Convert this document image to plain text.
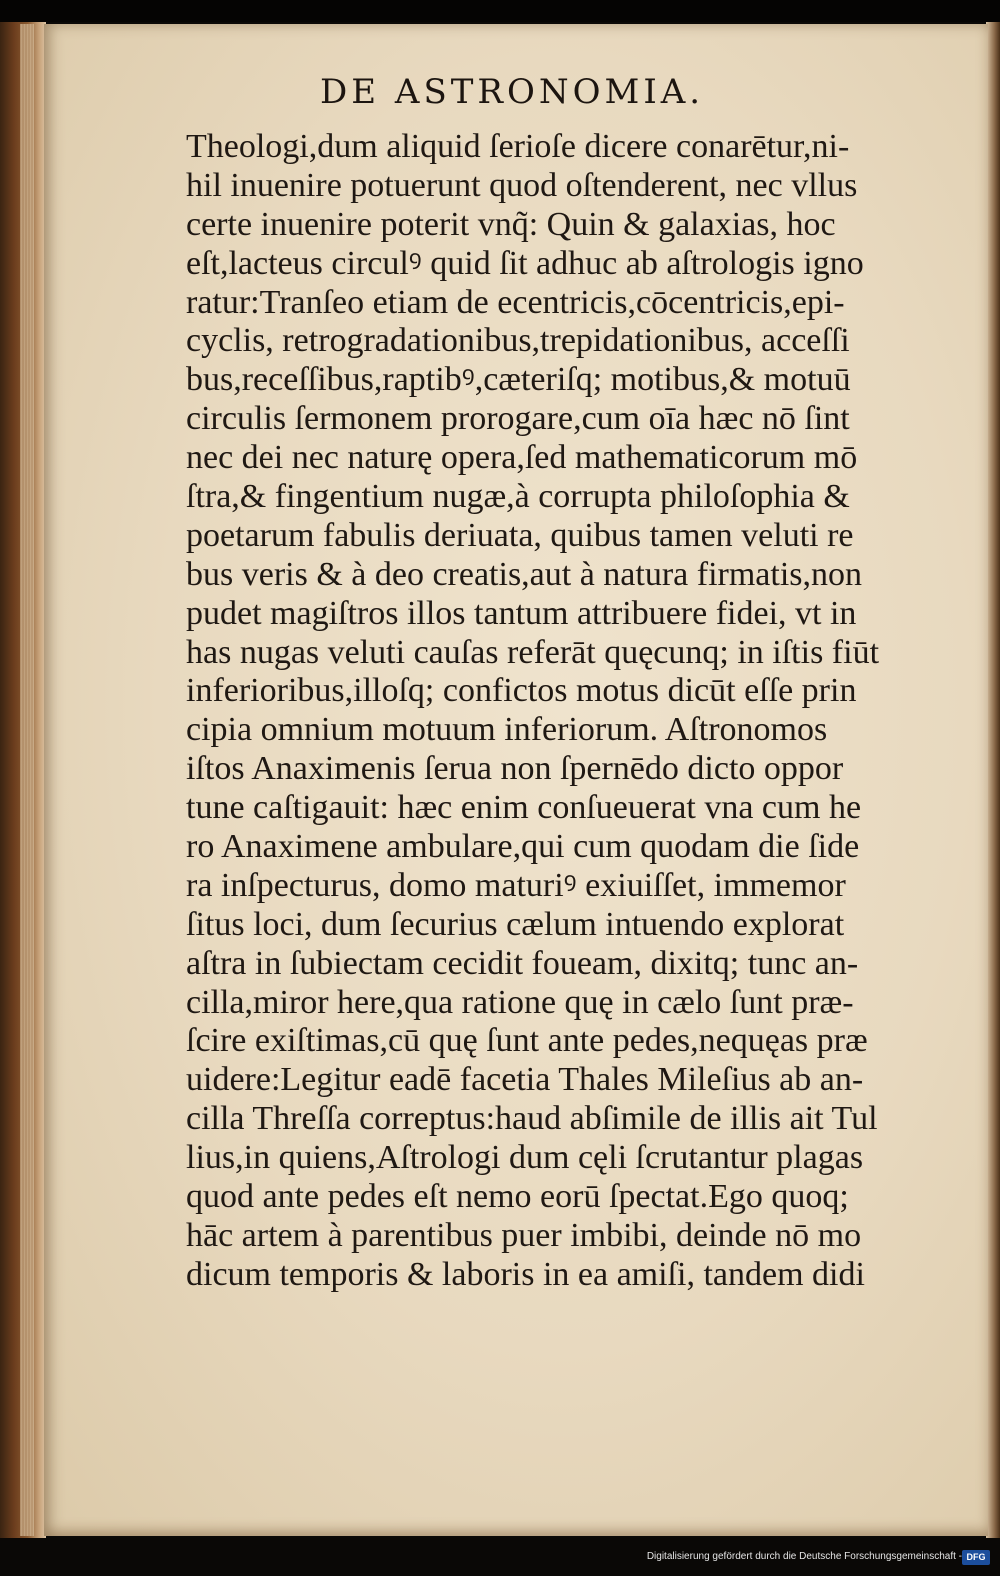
DE ASTRONOMIA.
Theologi,dum aliquid ſerioſe dicere conarētur,ni-
hil inuenire potuerunt quod oſtenderent, nec vllus
certe inuenire poterit vnq̃: Quin & galaxias, hoc
eſt,lacteus circulꝰ quid ſit adhuc ab aſtrologis igno
ratur:Tranſeo etiam de ecentricis,cōcentricis,epi-
cyclis, retrogradationibus,trepidationibus, acceſſi
bus,receſſibus,raptibꝰ,cæteriſq; motibus,& motuū
circulis ſermonem prorogare,cum oīa hæc nō ſint
nec dei nec naturę opera,ſed mathematicorum mō
ſtra,& fingentium nugæ,à corrupta philoſophia &
poetarum fabulis deriuata, quibus tamen veluti re
bus veris & à deo creatis,aut à natura firmatis,non
pudet magiſtros illos tantum attribuere fidei, vt in
has nugas veluti cauſas referāt quęcunq; in iſtis fiūt
inferioribus,illoſq; confictos motus dicūt eſſe prin
cipia omnium motuum inferiorum. Aſtronomos
iſtos Anaximenis ſerua non ſpernēdo dicto oppor
tune caſtigauit: hæc enim conſueuerat vna cum he
ro Anaximene ambulare,qui cum quodam die ſide
ra inſpecturus, domo maturiꝰ exiuiſſet, immemor
ſitus loci, dum ſecurius cælum intuendo explorat
aſtra in ſubiectam cecidit foueam, dixitq; tunc an-
cilla,miror here,qua ratione quę in cælo ſunt præ-
ſcire exiſtimas,cū quę ſunt ante pedes,nequęas præ
uidere:Legitur eadē facetia Thales Mileſius ab an-
cilla Threſſa correptus:haud abſimile de illis ait Tul
lius,in quiens,Aſtrologi dum cęli ſcrutantur plagas
quod ante pedes eſt nemo eorū ſpectat.Ego quoq;
hāc artem à parentibus puer imbibi, deinde nō mo
dicum temporis & laboris in ea amiſi, tandem didi
Digitalisierung gefördert durch die Deutsche Forschungsgemeinschaft - DFG
